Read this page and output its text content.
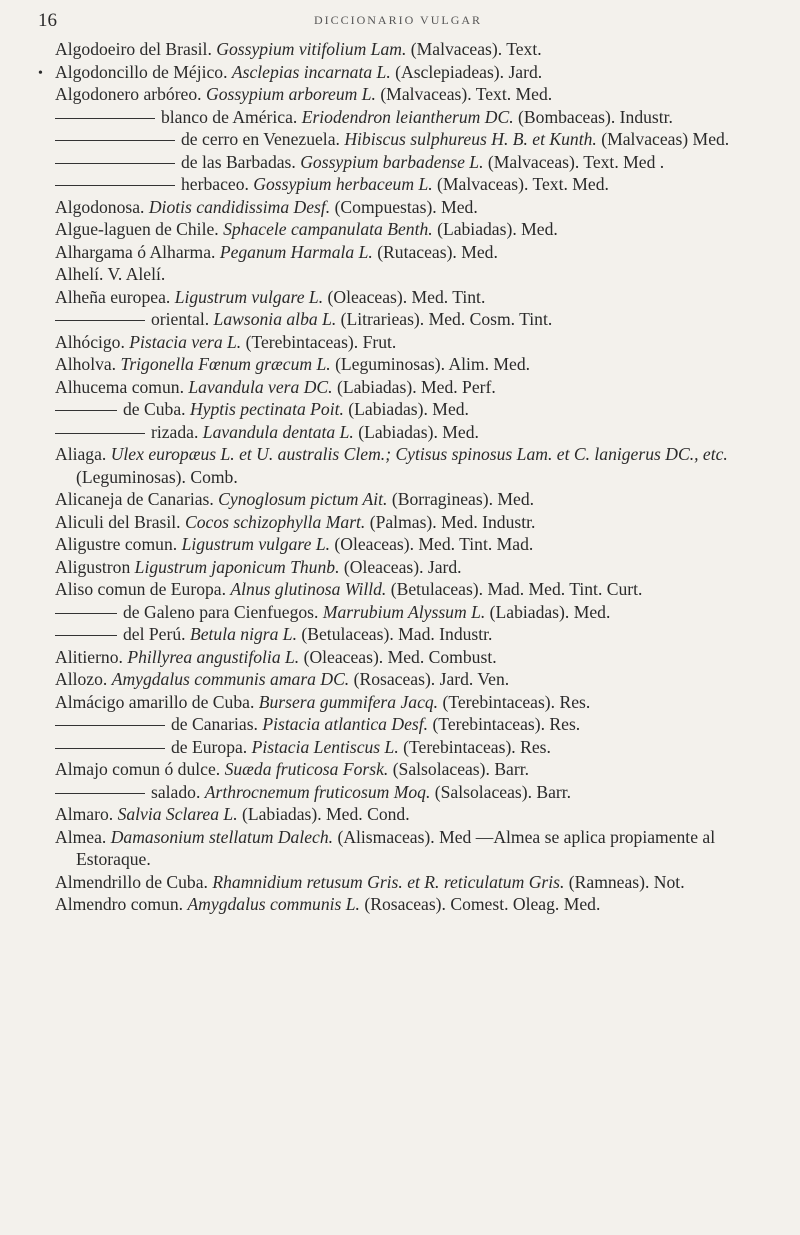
16	DICCIONARIO VULGAR
•
Algodoeiro del Brasil. Gossypium vitifolium Lam. (Malvaceas). Text.
Algodoncillo de Méjico. Asclepias incarnata L. (Asclepiadeas). Jard.
Algodonero arbóreo. Gossypium arboreum L. (Malvaceas). Text. Med.
blanco de América. Eriodendron leiantherum DC. (Bombaceas). Industr.
de cerro en Venezuela. Hibiscus sulphureus H. B. et Kunth. (Malvaceas) Med.
de las Barbadas. Gossypium barbadense L. (Malvaceas). Text. Med .
herbaceo. Gossypium herbaceum L. (Malvaceas). Text. Med.
Algodonosa. Diotis candidissima Desf. (Compuestas). Med.
Algue-laguen de Chile. Sphacele campanulata Benth. (Labiadas). Med.
Alhargama ó Alharma. Peganum Harmala L. (Rutaceas). Med.
Alhelí. V. Alelí.
Alheña europea. Ligustrum vulgare L. (Oleaceas). Med. Tint.
oriental. Lawsonia alba L. (Litrarieas). Med. Cosm. Tint.
Alhócigo. Pistacia vera L. (Terebintaceas). Frut.
Alholva. Trigonella Fœnum græcum L. (Leguminosas). Alim. Med.
Alhucema comun. Lavandula vera DC. (Labiadas). Med. Perf.
de Cuba. Hyptis pectinata Poit. (Labiadas). Med.
rizada. Lavandula dentata L. (Labiadas). Med.
Aliaga. Ulex europæus L. et U. australis Clem.; Cytisus spinosus Lam. et C. lanigerus DC., etc. (Leguminosas). Comb.
Alicaneja de Canarias. Cynoglosum pictum Ait. (Borragineas). Med.
Aliculi del Brasil. Cocos schizophylla Mart. (Palmas). Med. Industr.
Aligustre comun. Ligustrum vulgare L. (Oleaceas). Med. Tint. Mad.
Aligustron Ligustrum japonicum Thunb. (Oleaceas). Jard.
Aliso comun de Europa. Alnus glutinosa Willd. (Betulaceas). Mad. Med. Tint. Curt.
de Galeno para Cienfuegos. Marrubium Alyssum L. (Labiadas). Med.
del Perú. Betula nigra L. (Betulaceas). Mad. Industr.
Alitierno. Phillyrea angustifolia L. (Oleaceas). Med. Combust.
Allozo. Amygdalus communis amara DC. (Rosaceas). Jard. Ven.
Almácigo amarillo de Cuba. Bursera gummifera Jacq. (Terebintaceas). Res.
de Canarias. Pistacia atlantica Desf. (Terebintaceas). Res.
de Europa. Pistacia Lentiscus L. (Terebintaceas). Res.
Almajo comun ó dulce. Suæda fruticosa Forsk. (Salsolaceas). Barr.
salado. Arthrocnemum fruticosum Moq. (Salsolaceas). Barr.
Almaro. Salvia Sclarea L. (Labiadas). Med. Cond.
Almea. Damasonium stellatum Dalech. (Alismaceas). Med —Almea se aplica propiamente al Estoraque.
Almendrillo de Cuba. Rhamnidium retusum Gris. et R. reticulatum Gris. (Ramneas). Not.
Almendro comun. Amygdalus communis L. (Rosaceas). Comest. Oleag. Med.
